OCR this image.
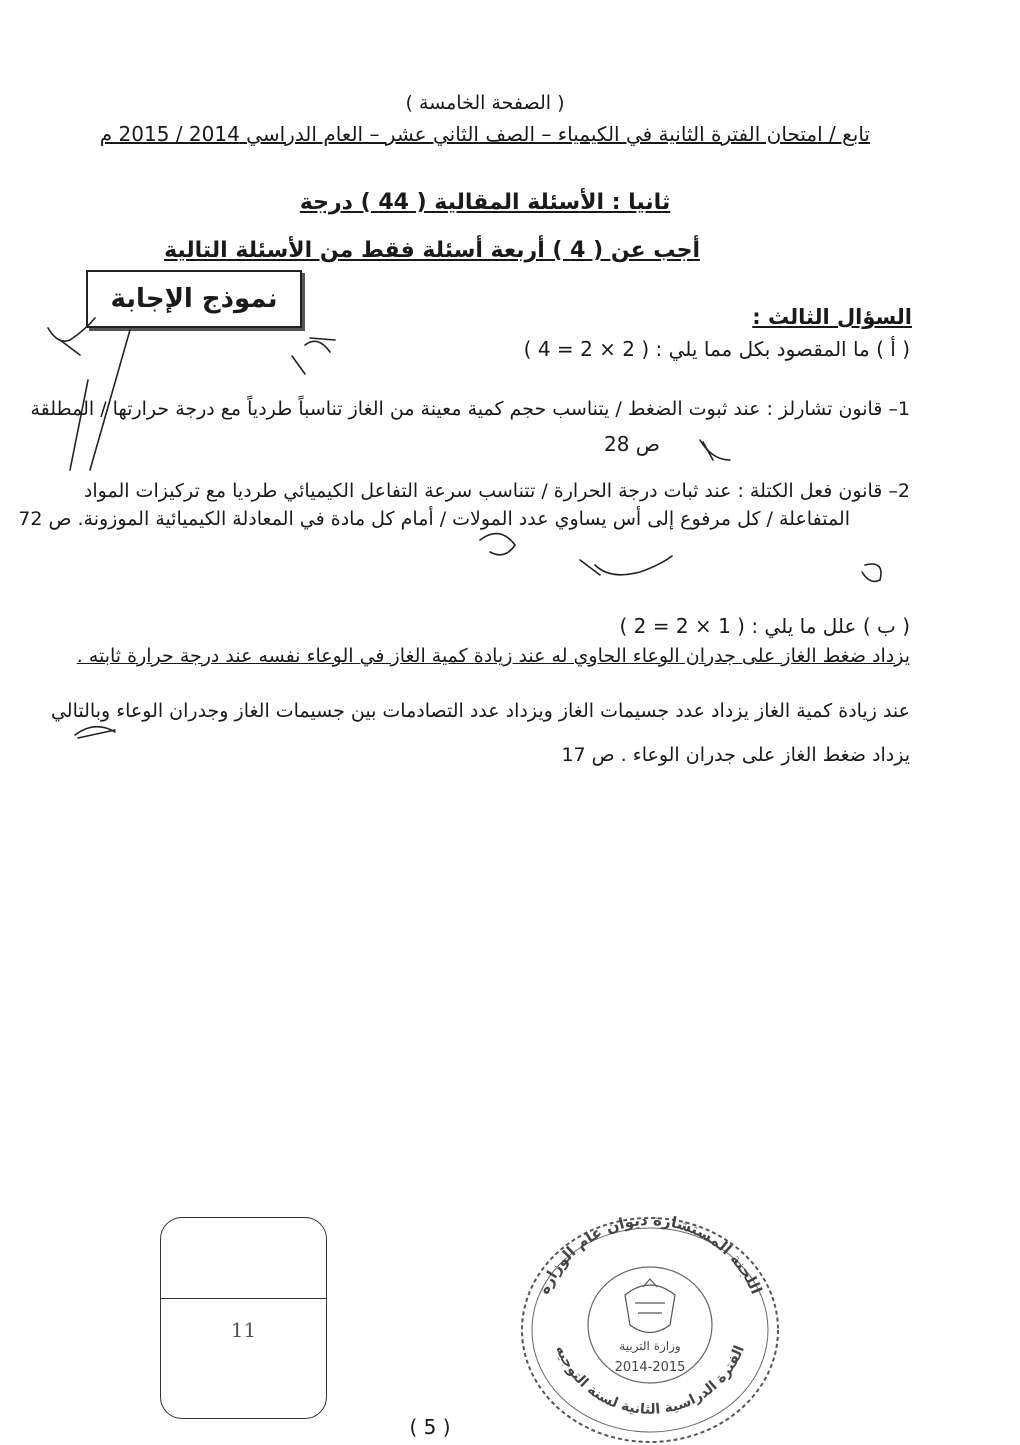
( الصفحة الخامسة )
تابع / امتحان الفترة الثانية في الكيمياء – الصف الثاني عشر – العام الدراسي 2014 / 2015 م
ثانيا : الأسئلة المقالية ( 44 ) درجة
أجب عن ( 4 ) أربعة أسئلة فقط من الأسئلة التالية
نموذج الإجابة
السؤال الثالث :
( أ ) ما المقصود بكل مما يلي : ( 2 × 2 = 4 )
1– قانون تشارلز : عند ثبوت الضغط / يتناسب حجم كمية معينة من الغاز تناسباً طردياً مع درجة حرارتها / المطلقة
ص 28
2– قانون فعل الكتلة : عند ثبات درجة الحرارة / تتناسب سرعة التفاعل الكيميائي طرديا مع تركيزات المواد
المتفاعلة / كل مرفوع إلى أس يساوي عدد المولات / أمام كل مادة في المعادلة الكيميائية الموزونة. ص 72
( ب ) علل ما يلي : ( 1 × 2 = 2 )
يزداد ضغط الغاز على جدران الوعاء الحاوي له عند زيادة كمية الغاز في الوعاء نفسه عند درجة حرارة ثابته .
عند زيادة كمية الغاز يزداد عدد جسيمات الغاز ويزداد عدد التصادمات بين جسيمات الغاز وجدران الوعاء وبالتالي
يزداد ضغط الغاز على جدران الوعاء . ص 17
11
اللجنة المستشارة ديوان عام الوزارة
الفترة الدراسية الثانية لسنة التوجيه
وزارة التربية
2014-2015
( 5 )
